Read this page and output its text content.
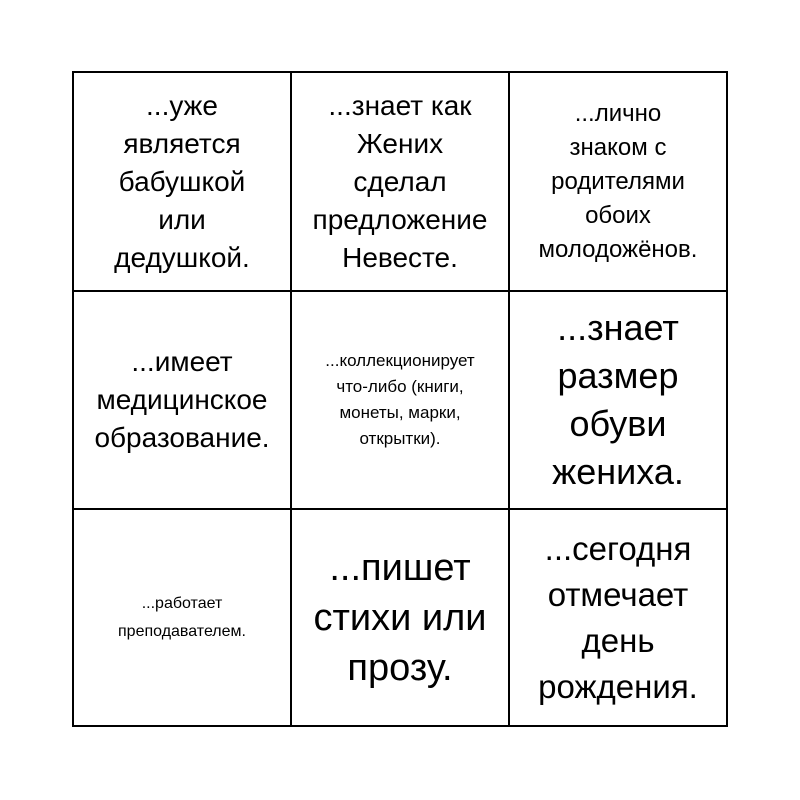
...уже
является
бабушкой
или
дедушкой.
...знает как
Жених
сделал
предложение
Невесте.
...лично
знаком с
родителями
обоих
молодожёнов.
...имеет
медицинское
образование.
...коллекционирует
что-либо (книги,
монеты, марки,
открытки).
...знает
размер
обуви
жениха.
...работает
преподавателем.
...пишет
стихи или
прозу.
...сегодня
отмечает
день
рождения.
